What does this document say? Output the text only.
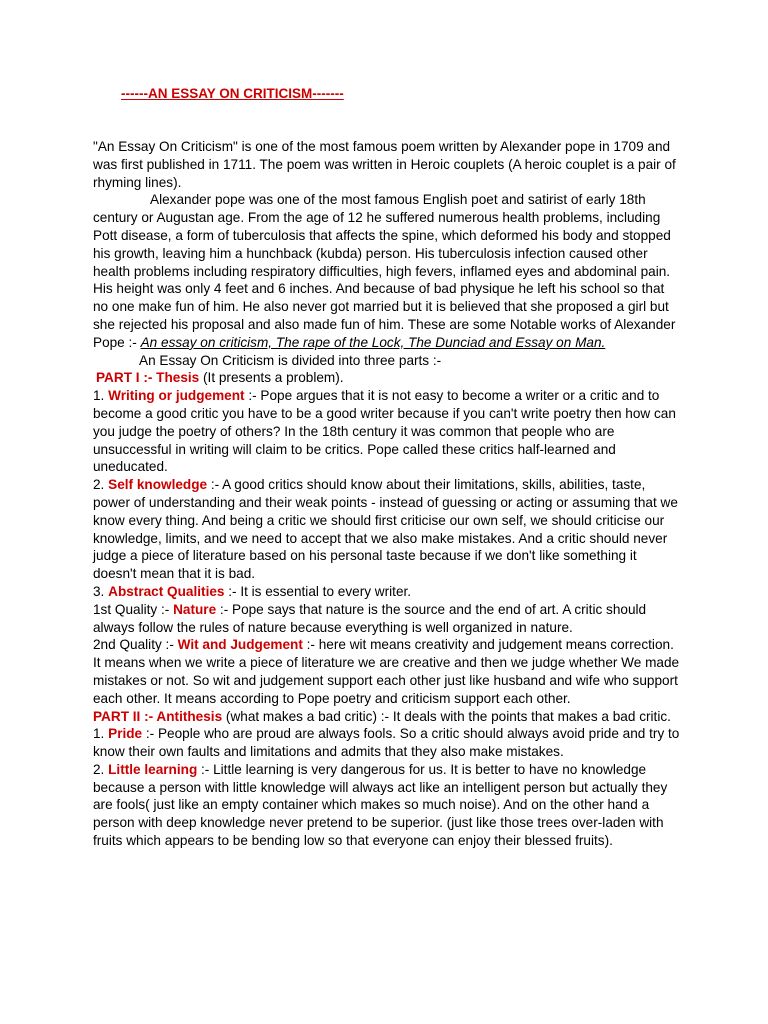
------AN ESSAY ON CRITICISM-------

"An Essay On Criticism" is one of the most famous poem written by Alexander pope in 1709 and was first published in 1711. The poem was written in Heroic couplets (A heroic couplet is a pair of rhyming lines).

Alexander pope was one of the most famous English poet and satirist of early 18th century or Augustan age. From the age of 12 he suffered numerous health problems, including Pott disease, a form of tuberculosis that affects the spine, which deformed his body and stopped his growth, leaving him a hunchback (kubda) person. His tuberculosis infection caused other health problems including respiratory difficulties, high fevers, inflamed eyes and abdominal pain. His height was only 4 feet and 6 inches. And because of bad physique he left his school so that no one make fun of him. He also never got married but it is believed that she proposed a girl but she rejected his proposal and also made fun of him. These are some Notable works of Alexander Pope :- An essay on criticism, The rape of the Lock, The Dunciad and Essay on Man.

An Essay On Criticism is divided into three parts :-

PART I :- Thesis (It presents a problem).

1. Writing or judgement :- Pope argues that it is not easy to become a writer or a critic and to become a good critic you have to be a good writer because if you can't write poetry then how can you judge the poetry of others? In the 18th century it was common that people who are unsuccessful in writing will claim to be critics. Pope called these critics half-learned and uneducated.

2. Self knowledge :- A good critics should know about their limitations, skills, abilities, taste, power of understanding and their weak points - instead of guessing or acting or assuming that we know every thing. And being a critic we should first criticise our own self, we should criticise our knowledge, limits, and we need to accept that we also make mistakes. And a critic should never judge a piece of literature based on his personal taste because if we don't like something it doesn't mean that it is bad.

3. Abstract Qualities :- It is essential to every writer.

1st Quality :- Nature :- Pope says that nature is the source and the end of art. A critic should always follow the rules of nature because everything is well organized in nature.

2nd Quality :- Wit and Judgement :- here wit means creativity and judgement means correction. It means when we write a piece of literature we are creative and then we judge whether We made mistakes or not. So wit and judgement support each other just like husband and wife who support each other. It means according to Pope poetry and criticism support each other.

PART II :- Antithesis (what makes a bad critic) :- It deals with the points that makes a bad critic.

1. Pride :- People who are proud are always fools. So a critic should always avoid pride and try to know their own faults and limitations and admits that they also make mistakes.

2. Little learning :- Little learning is very dangerous for us. It is better to have no knowledge because a person with little knowledge will always act like an intelligent person but actually they are fools( just like an empty container which makes so much noise). And on the other hand a person with deep knowledge never pretend to be superior. (just like those trees over-laden with fruits which appears to be bending low so that everyone can enjoy their blessed fruits).
